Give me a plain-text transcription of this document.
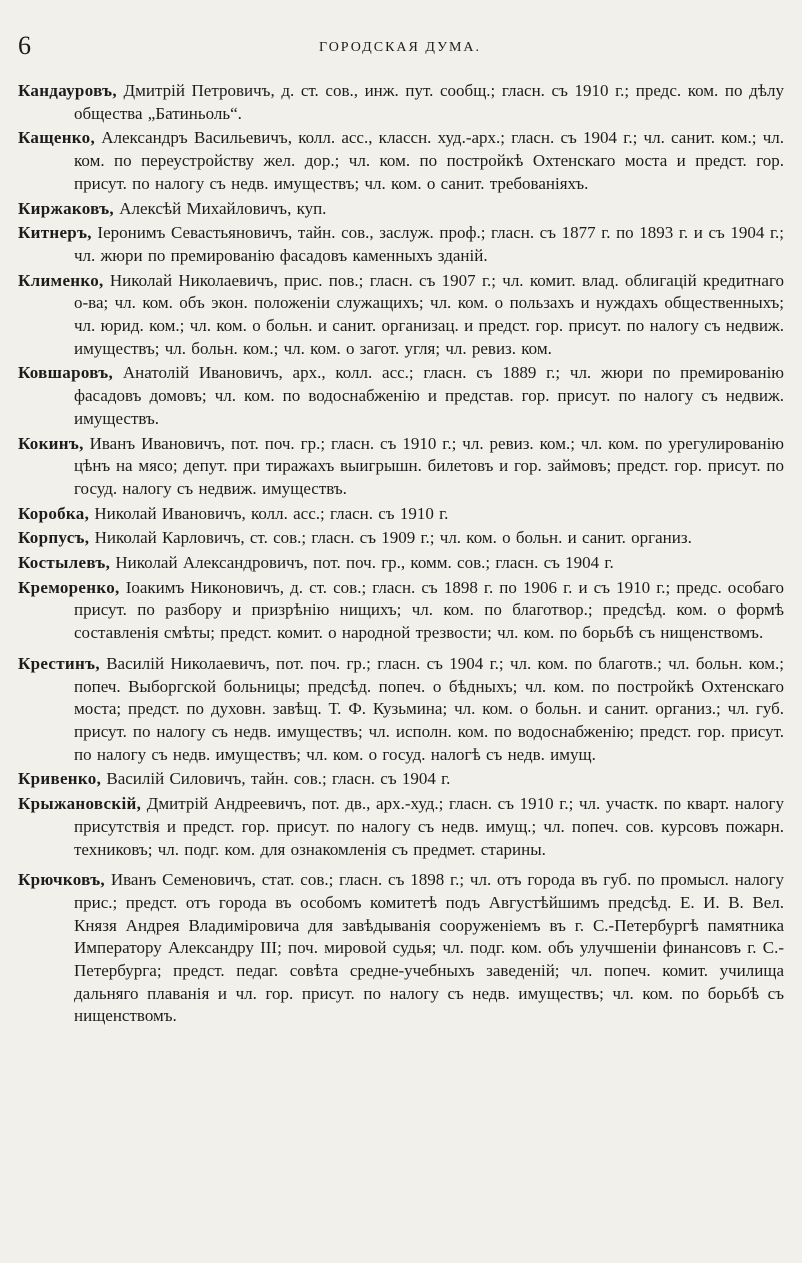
6	ГОРОДСКАЯ ДУМА.

Кандауровъ, Дмитрій Петровичъ, д. ст. сов., инж. пут. сообщ.; гласн. съ 1910 г.; предс. ком. по дѣлу общества „Батиньоль“.

Кащенко, Александръ Васильевичъ, колл. асс., классн. худ.-арх.; гласн. съ 1904 г.; чл. санит. ком.; чл. ком. по переустройству жел. дор.; чл. ком. по постройкѣ Охтенскаго моста и предст. гор. присут. по налогу съ недв. имуществъ; чл. ком. о санит. требованіяхъ.

Киржаковъ, Алексѣй Михайловичъ, куп.

Китнеръ, Іеронимъ Севастьяновичъ, тайн. сов., заслуж. проф.; гласн. съ 1877 г. по 1893 г. и съ 1904 г.; чл. жюри по премированію фасадовъ каменныхъ зданій.

Клименко, Николай Николаевичъ, прис. пов.; гласн. съ 1907 г.; чл. комит. влад. облигацій кредитнаго о-ва; чл. ком. объ экон. положеніи служащихъ; чл. ком. о пользахъ и нуждахъ общественныхъ; чл. юрид. ком.; чл. ком. о больн. и санит. организац. и предст. гор. присут. по налогу съ недвиж. имуществъ; чл. больн. ком.; чл. ком. о загот. угля; чл. ревиз. ком.

Ковшаровъ, Анатолій Ивановичъ, арх., колл. асс.; гласн. съ 1889 г.; чл. жюри по премированію фасадовъ домовъ; чл. ком. по водоснабженію и представ. гор. присут. по налогу съ недвиж. имуществъ.

Кокинъ, Иванъ Ивановичъ, пот. поч. гр.; гласн. съ 1910 г.; чл. ревиз. ком.; чл. ком. по урегулированію цѣнъ на мясо; депут. при тиражахъ выигрышн. билетовъ и гор. займовъ; предст. гор. присут. по госуд. налогу съ недвиж. имуществъ.

Коробка, Николай Ивановичъ, колл. асс.; гласн. съ 1910 г.

Корпусъ, Николай Карловичъ, ст. сов.; гласн. съ 1909 г.; чл. ком. о больн. и санит. организ.

Костылевъ, Николай Александровичъ, пот. поч. гр., комм. сов.; гласн. съ 1904 г.

Кремоpенко, Іоакимъ Никоновичъ, д. ст. сов.; гласн. съ 1898 г. по 1906 г. и съ 1910 г.; предс. особаго присут. по разбору и призрѣнію нищихъ; чл. ком. по благотвор.; предсѣд. ком. о формѣ составленія смѣты; предст. комит. о народной трезвости; чл. ком. по борьбѣ съ нищенствомъ.

Крестинъ, Василій Николаевичъ, пот. поч. гр.; гласн. съ 1904 г.; чл. ком. по благотв.; чл. больн. ком.; попеч. Выборгской больницы; предсѣд. попеч. о бѣдныхъ; чл. ком. по постройкѣ Охтенскаго моста; предст. по духовн. завѣщ. Т. Ф. Кузьмина; чл. ком. о больн. и санит. организ.; чл. губ. присут. по налогу съ недв. имуществъ; чл. исполн. ком. по водоснабженію; предст. гор. присут. по налогу съ недв. имуществъ; чл. ком. о госуд. налогѣ съ недв. имущ.

Кривенко, Василій Силовичъ, тайн. сов.; гласн. съ 1904 г.

Крыжановскій, Дмитрій Андреевичъ, пот. дв., арх.-худ.; гласн. съ 1910 г.; чл. участк. по кварт. налогу присутствія и предст. гор. присут. по налогу съ недв. имущ.; чл. попеч. сов. курсовъ пожарн. техниковъ; чл. подг. ком. для ознакомленія съ предмет. старины.

Крючковъ, Иванъ Семеновичъ, стат. сов.; гласн. съ 1898 г.; чл. отъ города въ губ. по промысл. налогу прис.; предст. отъ города въ особомъ комитетѣ подъ Августѣйшимъ предсѣд. Е. И. В. Вел. Князя Андрея Владиміровича для завѣдыванія сооруженіемъ въ г. С.-Петербургѣ памятника Императору Александру III; поч. мировой судья; чл. подг. ком. объ улучшеніи финансовъ г. С.-Петербурга; предст. педаг. совѣта средне-учебныхъ заведеній; чл. попеч. комит. училища дальняго плаванія и чл. гор. присут. по налогу съ недв. имуществъ; чл. ком. по борьбѣ съ нищенствомъ.
